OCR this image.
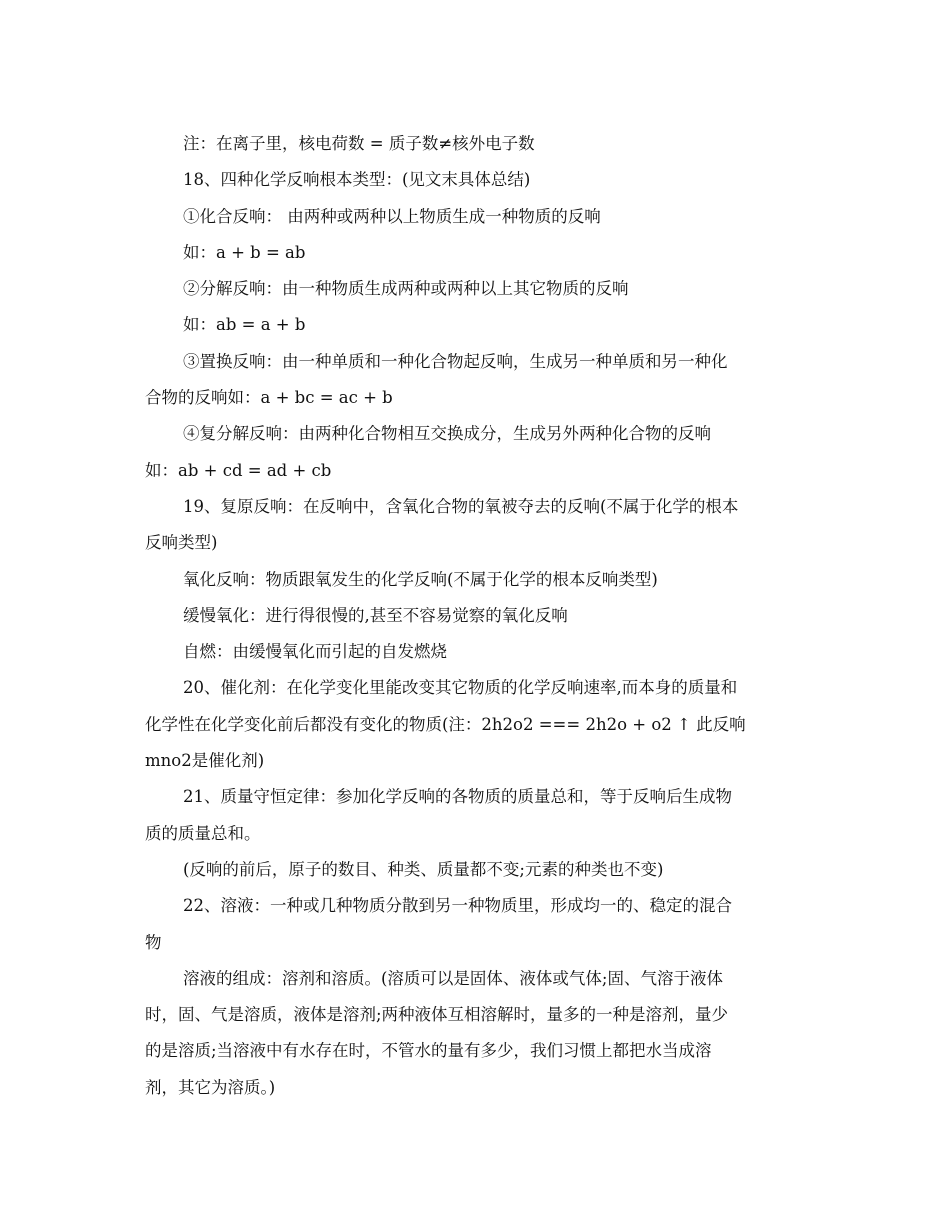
注：在离子里，核电荷数 = 质子数≠核外电子数
18、四种化学反响根本类型：(见文末具体总结)
①化合反响： 由两种或两种以上物质生成一种物质的反响
如：a + b = ab
②分解反响：由一种物质生成两种或两种以上其它物质的反响
如：ab = a + b
③置换反响：由一种单质和一种化合物起反响，生成另一种单质和另一种化
合物的反响如：a + bc = ac + b
④复分解反响：由两种化合物相互交换成分，生成另外两种化合物的反响
如：ab + cd = ad + cb
19、复原反响：在反响中，含氧化合物的氧被夺去的反响(不属于化学的根本
反响类型)
氧化反响：物质跟氧发生的化学反响(不属于化学的根本反响类型)
缓慢氧化：进行得很慢的,甚至不容易觉察的氧化反响
自燃：由缓慢氧化而引起的自发燃烧
20、催化剂：在化学变化里能改变其它物质的化学反响速率,而本身的质量和
化学性在化学变化前后都没有变化的物质(注：2h2o2 === 2h2o + o2 ↑ 此反响
mno2是催化剂)
21、质量守恒定律：参加化学反响的各物质的质量总和，等于反响后生成物
质的质量总和。
(反响的前后，原子的数目、种类、质量都不变;元素的种类也不变)
22、溶液：一种或几种物质分散到另一种物质里，形成均一的、稳定的混合
物
溶液的组成：溶剂和溶质。(溶质可以是固体、液体或气体;固、气溶于液体
时，固、气是溶质，液体是溶剂;两种液体互相溶解时，量多的一种是溶剂，量少
的是溶质;当溶液中有水存在时，不管水的量有多少，我们习惯上都把水当成溶
剂，其它为溶质。)
